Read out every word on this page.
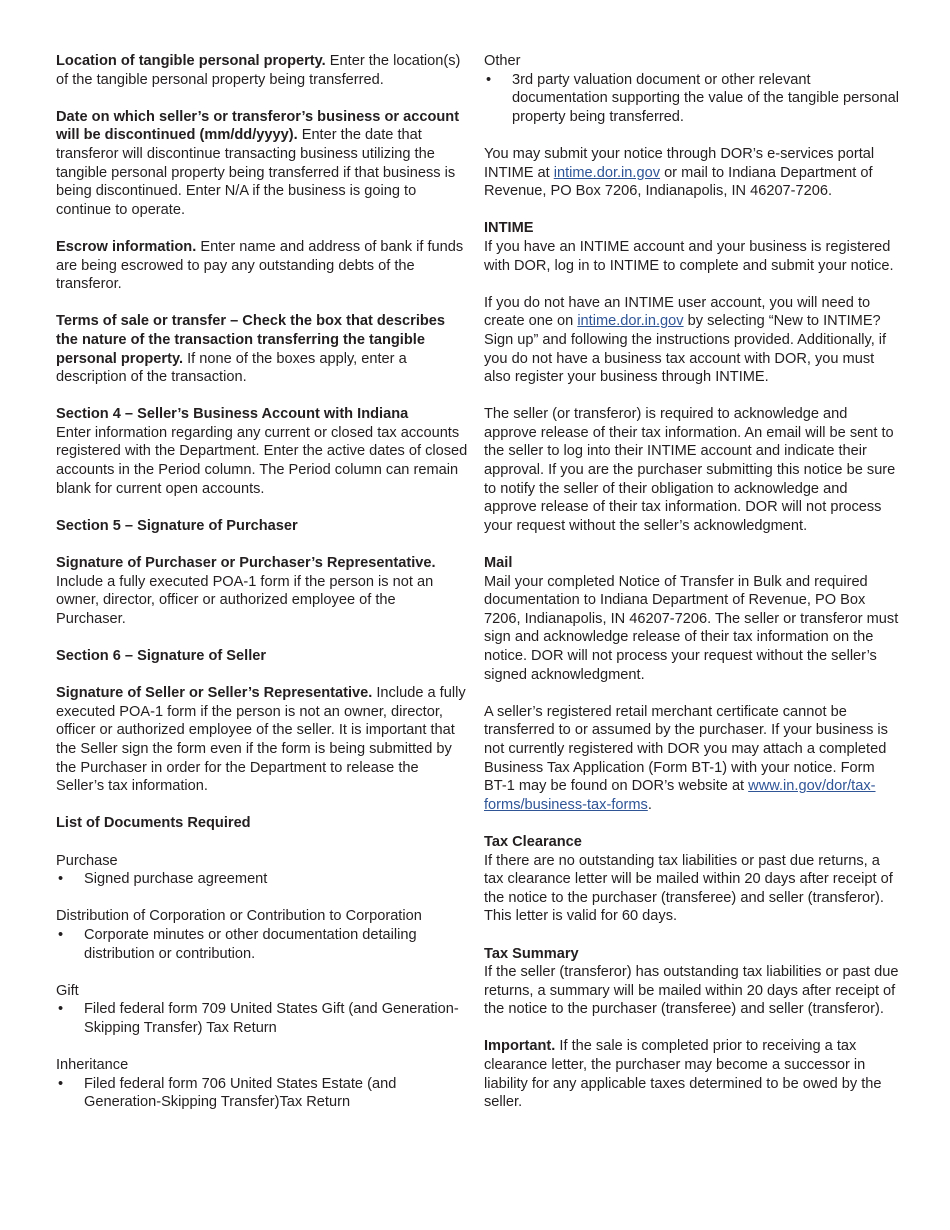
Location of tangible personal property. Enter the location(s) of the tangible personal property being transferred.

Date on which seller’s or transferor’s business or account will be discontinued (mm/dd/yyyy). Enter the date that transferor will discontinue transacting business utilizing the tangible personal property being transferred if that business is being discontinued. Enter N/A if the business is going to continue to operate.

Escrow information. Enter name and address of bank if funds are being escrowed to pay any outstanding debts of the transferor.

Terms of sale or transfer – Check the box that describes the nature of the transaction transferring the tangible personal property. If none of the boxes apply, enter a description of the transaction.

Section 4 – Seller’s Business Account with Indiana
Enter information regarding any current or closed tax accounts registered with the Department. Enter the active dates of closed accounts in the Period column. The Period column can remain blank for current open accounts.
Section 5 – Signature of Purchaser

Signature of Purchaser or Purchaser’s Representative. Include a fully executed POA-1 form if the person is not an owner, director, officer or authorized employee of the Purchaser.

Section 6 – Signature of Seller

Signature of Seller or Seller’s Representative. Include a fully executed POA-1 form if the person is not an owner, director, officer or authorized employee of the seller. It is important that the Seller sign the form even if the form is being submitted by the Purchaser in order for the Department to release the Seller’s tax information.

List of Documents Required
Purchase
• Signed purchase agreement
Distribution of Corporation or Contribution to Corporation
• Corporate minutes or other documentation detailing distribution or contribution.
Gift
• Filed federal form 709 United States Gift (and Generation-Skipping Transfer) Tax Return
Inheritance
• Filed federal form 706 United States Estate (and Generation-Skipping Transfer)Tax Return
Other
• 3rd party valuation document or other relevant documentation supporting the value of the tangible personal property being transferred.

You may submit your notice through DOR’s e-services portal INTIME at intime.dor.in.gov or mail to Indiana Department of Revenue, PO Box 7206, Indianapolis, IN 46207-7206.

INTIME
If you have an INTIME account and your business is registered with DOR, log in to INTIME to complete and submit your notice.

If you do not have an INTIME user account, you will need to create one on intime.dor.in.gov by selecting “New to INTIME? Sign up” and following the instructions provided. Additionally, if you do not have a business tax account with DOR, you must also register your business through INTIME.

The seller (or transferor) is required to acknowledge and approve release of their tax information. An email will be sent to the seller to log into their INTIME account and indicate their approval. If you are the purchaser submitting this notice be sure to notify the seller of their obligation to acknowledge and approve release of their tax information. DOR will not process your request without the seller’s acknowledgment.

Mail
Mail your completed Notice of Transfer in Bulk and required documentation to Indiana Department of Revenue, PO Box 7206, Indianapolis, IN 46207-7206. The seller or transferor must sign and acknowledge release of their tax information on the notice. DOR will not process your request without the seller’s signed acknowledgment.

A seller’s registered retail merchant certificate cannot be transferred to or assumed by the purchaser. If your business is not currently registered with DOR you may attach a completed Business Tax Application (Form BT-1) with your notice. Form BT-1 may be found on DOR’s website at www.in.gov/dor/tax-forms/business-tax-forms.

Tax Clearance
If there are no outstanding tax liabilities or past due returns, a tax clearance letter will be mailed within 20 days after receipt of the notice to the purchaser (transferee) and seller (transferor). This letter is valid for 60 days.
Tax Summary
If the seller (transferor) has outstanding tax liabilities or past due returns, a summary will be mailed within 20 days after receipt of the notice to the purchaser (transferee) and seller (transferor).

Important. If the sale is completed prior to receiving a tax clearance letter, the purchaser may become a successor in liability for any applicable taxes determined to be owed by the seller.
